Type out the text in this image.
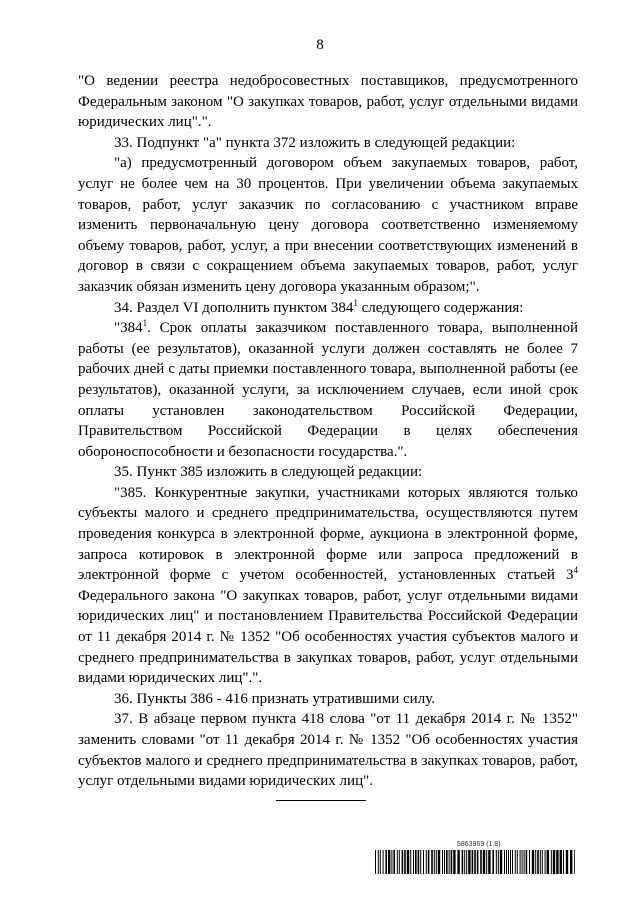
8

"О ведении реестра недобросовестных поставщиков, предусмотренного Федеральным законом "О закупках товаров, работ, услуг отдельными видами юридических лиц".".

33. Подпункт "а" пункта 372 изложить в следующей редакции:

"а) предусмотренный договором объем закупаемых товаров, работ, услуг не более чем на 30 процентов. При увеличении объема закупаемых товаров, работ, услуг заказчик по согласованию с участником вправе изменить первоначальную цену договора соответственно изменяемому объему товаров, работ, услуг, а при внесении соответствующих изменений в договор в связи с сокращением объема закупаемых товаров, работ, услуг заказчик обязан изменить цену договора указанным образом;".

34. Раздел VI дополнить пунктом $384^1$ следующего содержания:

"$384^1$. Срок оплаты заказчиком поставленного товара, выполненной работы (ее результатов), оказанной услуги должен составлять не более 7 рабочих дней с даты приемки поставленного товара, выполненной работы (ее результатов), оказанной услуги, за исключением случаев, если иной срок оплаты установлен законодательством Российской Федерации, Правительством Российской Федерации в целях обеспечения обороноспособности и безопасности государства.".

35. Пункт 385 изложить в следующей редакции:

"385. Конкурентные закупки, участниками которых являются только субъекты малого и среднего предпринимательства, осуществляются путем проведения конкурса в электронной форме, аукциона в электронной форме, запроса котировок в электронной форме или запроса предложений в электронной форме с учетом особенностей, установленных статьей $3^4$ Федерального закона "О закупках товаров, работ, услуг отдельными видами юридических лиц" и постановлением Правительства Российской Федерации от 11 декабря 2014 г. № 1352 "Об особенностях участия субъектов малого и среднего предпринимательства в закупках товаров, работ, услуг отдельными видами юридических лиц".".

36. Пункты 386 - 416 признать утратившими силу.

37. В абзаце первом пункта 418 слова "от 11 декабря 2014 г. № 1352" заменить словами "от 11 декабря 2014 г. № 1352 "Об особенностях участия субъектов малого и среднего предпринимательства в закупках товаров, работ, услуг отдельными видами юридических лиц".

5863969 (1.8)
